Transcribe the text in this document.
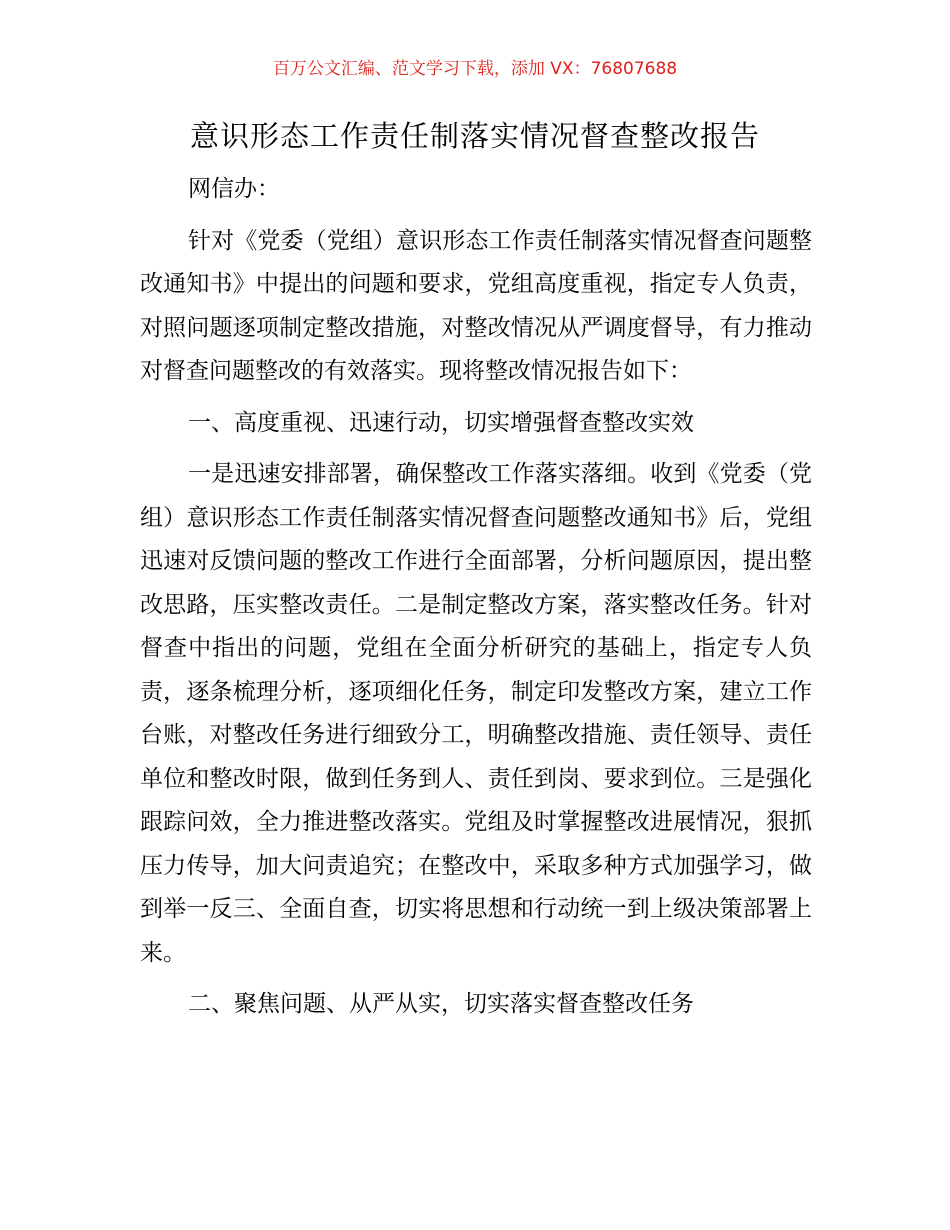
百万公文汇编、范文学习下载，添加 VX：76807688
意识形态工作责任制落实情况督查整改报告

网信办：

针对《党委（党组）意识形态工作责任制落实情况督查问题整改通知书》中提出的问题和要求，党组高度重视，指定专人负责，对照问题逐项制定整改措施，对整改情况从严调度督导，有力推动对督查问题整改的有效落实。现将整改情况报告如下：

一、高度重视、迅速行动，切实增强督查整改实效

一是迅速安排部署，确保整改工作落实落细。收到《党委（党组）意识形态工作责任制落实情况督查问题整改通知书》后，党组迅速对反馈问题的整改工作进行全面部署，分析问题原因，提出整改思路，压实整改责任。二是制定整改方案，落实整改任务。针对督查中指出的问题，党组在全面分析研究的基础上，指定专人负责，逐条梳理分析，逐项细化任务，制定印发整改方案，建立工作台账，对整改任务进行细致分工，明确整改措施、责任领导、责任单位和整改时限，做到任务到人、责任到岗、要求到位。三是强化跟踪问效，全力推进整改落实。党组及时掌握整改进展情况，狠抓压力传导，加大问责追究；在整改中，采取多种方式加强学习，做到举一反三、全面自查，切实将思想和行动统一到上级决策部署上来。

二、聚焦问题、从严从实，切实落实督查整改任务
